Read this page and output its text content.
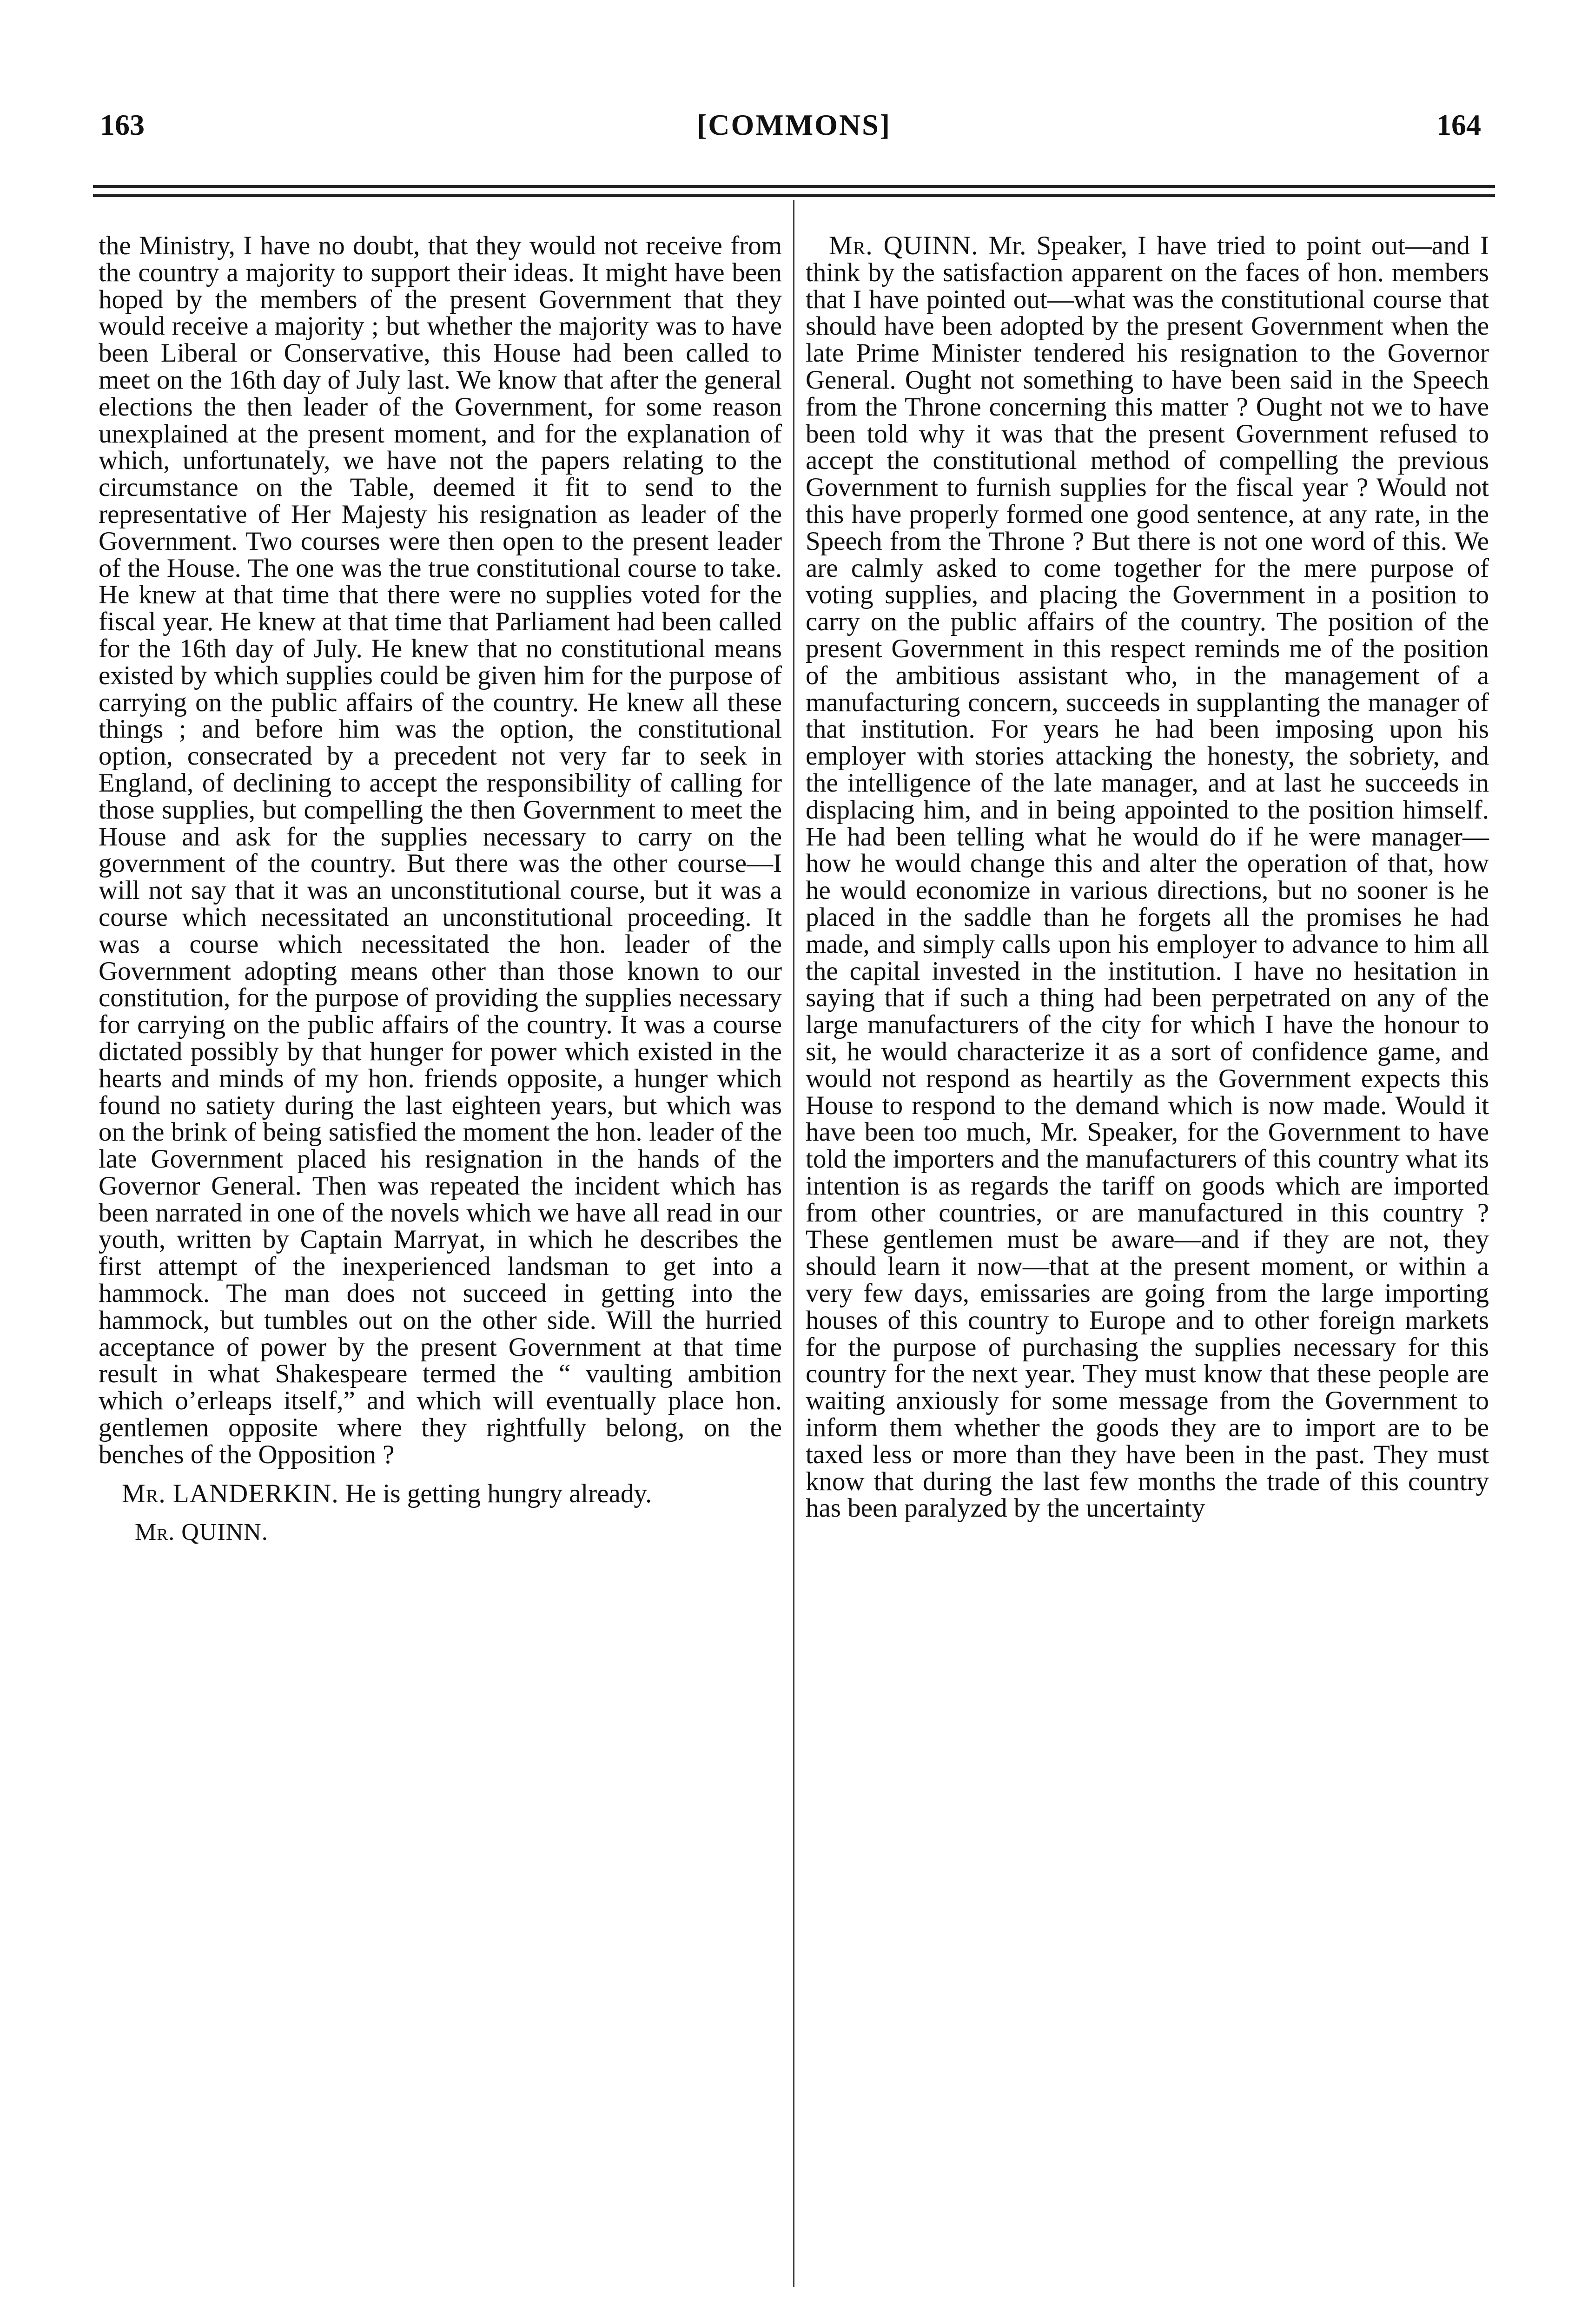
163	[COMMONS]	164

the Ministry, I have no doubt, that they would not receive from the country a majority to support their ideas. It might have been hoped by the members of the present Government that they would receive a majority ; but whether the majority was to have been Liberal or Conservative, this House had been called to meet on the 16th day of July last. We know that after the general elections the then leader of the Government, for some reason unexplained at the present moment, and for the explanation of which, unfortunately, we have not the papers relating to the circumstance on the Table, deemed it fit to send to the representative of Her Majesty his resignation as leader of the Government. Two courses were then open to the present leader of the House. The one was the true constitutional course to take. He knew at that time that there were no supplies voted for the fiscal year. He knew at that time that Parliament had been called for the 16th day of July. He knew that no constitutional means existed by which supplies could be given him for the purpose of carrying on the public affairs of the country. He knew all these things ; and before him was the option, the constitutional option, consecrated by a precedent not very far to seek in England, of declining to accept the responsibility of calling for those supplies, but compelling the then Government to meet the House and ask for the supplies necessary to carry on the government of the country. But there was the other course—I will not say that it was an unconstitutional course, but it was a course which necessitated an unconstitutional proceeding. It was a course which necessitated the hon. leader of the Government adopting means other than those known to our constitution, for the purpose of providing the supplies necessary for carrying on the public affairs of the country. It was a course dictated possibly by that hunger for power which existed in the hearts and minds of my hon. friends opposite, a hunger which found no satiety during the last eighteen years, but which was on the brink of being satisfied the moment the hon. leader of the late Government placed his resignation in the hands of the Governor General. Then was repeated the incident which has been narrated in one of the novels which we have all read in our youth, written by Captain Marryat, in which he describes the first attempt of the inexperienced landsman to get into a hammock. The man does not succeed in getting into the hammock, but tumbles out on the other side. Will the hurried acceptance of power by the present Government at that time result in what Shakespeare termed the “ vaulting ambition which o’erleaps itself,” and which will eventually place hon. gentlemen opposite where they rightfully belong, on the benches of the Opposition ?

Mr. LANDERKIN. He is getting hungry already.

Mr. QUINN.

Mr. QUINN. Mr. Speaker, I have tried to point out—and I think by the satisfaction apparent on the faces of hon. members that I have pointed out—what was the constitutional course that should have been adopted by the present Government when the late Prime Minister tendered his resignation to the Governor General. Ought not something to have been said in the Speech from the Throne concerning this matter ? Ought not we to have been told why it was that the present Government refused to accept the constitutional method of compelling the previous Government to furnish supplies for the fiscal year ? Would not this have properly formed one good sentence, at any rate, in the Speech from the Throne ? But there is not one word of this. We are calmly asked to come together for the mere purpose of voting supplies, and placing the Government in a position to carry on the public affairs of the country. The position of the present Government in this respect reminds me of the position of the ambitious assistant who, in the management of a manufacturing concern, succeeds in supplanting the manager of that institution. For years he had been imposing upon his employer with stories attacking the honesty, the sobriety, and the intelligence of the late manager, and at last he succeeds in displacing him, and in being appointed to the position himself. He had been telling what he would do if he were manager—how he would change this and alter the operation of that, how he would economize in various directions, but no sooner is he placed in the saddle than he forgets all the promises he had made, and simply calls upon his employer to advance to him all the capital invested in the institution. I have no hesitation in saying that if such a thing had been perpetrated on any of the large manufacturers of the city for which I have the honour to sit, he would characterize it as a sort of confidence game, and would not respond as heartily as the Government expects this House to respond to the demand which is now made. Would it have been too much, Mr. Speaker, for the Government to have told the importers and the manufacturers of this country what its intention is as regards the tariff on goods which are imported from other countries, or are manufactured in this country ? These gentlemen must be aware—and if they are not, they should learn it now—that at the present moment, or within a very few days, emissaries are going from the large importing houses of this country to Europe and to other foreign markets for the purpose of purchasing the supplies necessary for this country for the next year. They must know that these people are waiting anxiously for some message from the Government to inform them whether the goods they are to import are to be taxed less or more than they have been in the past. They must know that during the last few months the trade of this country has been paralyzed by the uncertainty
